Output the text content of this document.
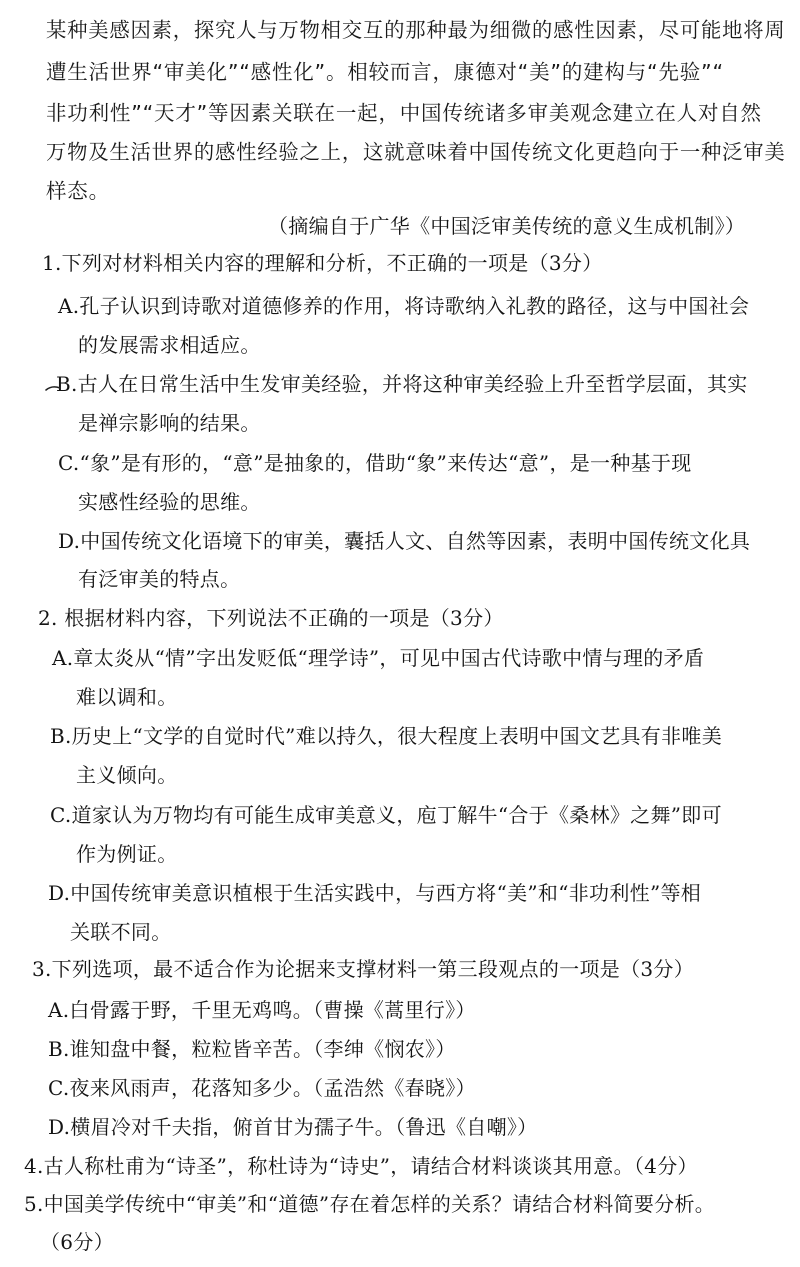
某种美感因素，探究人与万物相交互的那种最为细微的感性因素，尽可能地将周
遭生活世界“审美化”“感性化”。相较而言，康德对“美”的建构与“先验”“
非功利性”“天才”等因素关联在一起，中国传统诸多审美观念建立在人对自然
万物及生活世界的感性经验之上，这就意味着中国传统文化更趋向于一种泛审美
样态。
（摘编自于广华《中国泛审美传统的意义生成机制》）
1.下列对材料相关内容的理解和分析，不正确的一项是（3分）
A.孔子认识到诗歌对道德修养的作用，将诗歌纳入礼教的路径，这与中国社会
的发展需求相适应。
B.古人在日常生活中生发审美经验，并将这种审美经验上升至哲学层面，其实
是禅宗影响的结果。
C.“象”是有形的，“意”是抽象的，借助“象”来传达“意”，是一种基于现
实感性经验的思维。
D.中国传统文化语境下的审美，囊括人文、自然等因素，表明中国传统文化具
有泛审美的特点。
2. 根据材料内容，下列说法不正确的一项是（3分）
A.章太炎从“情”字出发贬低“理学诗”，可见中国古代诗歌中情与理的矛盾
难以调和。
B.历史上“文学的自觉时代”难以持久，很大程度上表明中国文艺具有非唯美
主义倾向。
C.道家认为万物均有可能生成审美意义，庖丁解牛“合于《桑林》之舞”即可
作为例证。
D.中国传统审美意识植根于生活实践中，与西方将“美”和“非功利性”等相
关联不同。
3.下列选项，最不适合作为论据来支撑材料一第三段观点的一项是（3分）
A.白骨露于野，千里无鸡鸣。（曹操《蒿里行》）
B.谁知盘中餐，粒粒皆辛苦。（李绅《悯农》）
C.夜来风雨声，花落知多少。（孟浩然《春晓》）
D.横眉冷对千夫指，俯首甘为孺子牛。（鲁迅《自嘲》）
4.古人称杜甫为“诗圣”，称杜诗为“诗史”，请结合材料谈谈其用意。（4分）
5.中国美学传统中“审美”和“道德”存在着怎样的关系？请结合材料简要分析。
（6分）
